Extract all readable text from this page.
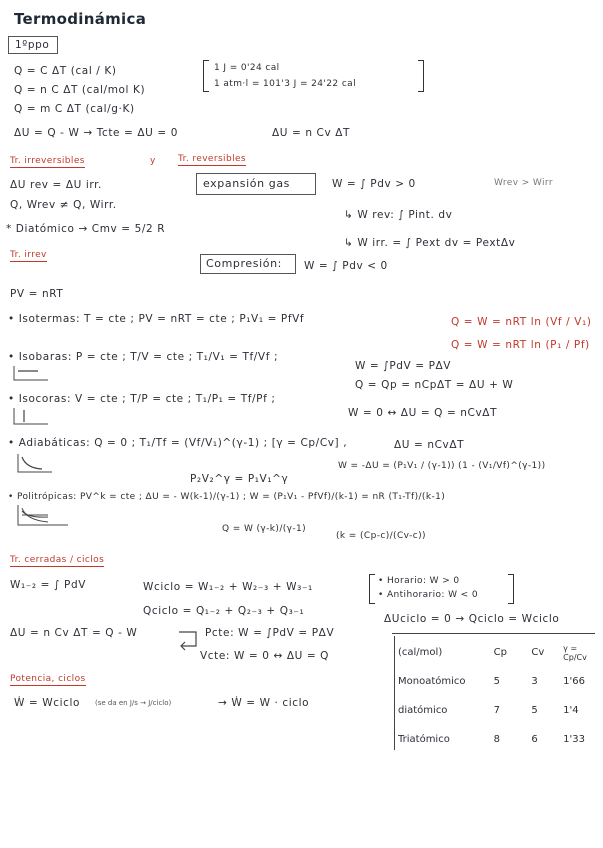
Termodinámica
1ºppo
Q = C ΔT (cal / K)
Q = n C ΔT (cal/mol K)
Q = m C ΔT (cal/g·K)
1 J = 0'24 cal
1 atm·l = 101'3 J = 24'22 cal
ΔU = Q - W → Tcte = ΔU = 0	ΔU = n Cv ΔT
Tr. irreversibles	y Tr. reversibles
ΔU rev = ΔU irr.
Q, Wrev ≠ Q, Wirr.
* Diatómico → Cmv = 5/2 R
expansión gas	W = ∫ Pdv > 0	Wrev > Wirr
↳ W rev: ∫ Pint. dv
↳ W irr. = ∫ Pext dv = PextΔv
Tr. irrev
Compresión:	W = ∫ Pdv < 0
PV = nRT
• Isotermas: T = cte ; PV = nRT = cte ; P₁V₁ = PfVf	Q = W = nRT ln (Vf / V₁)
Q = W = nRT ln (P₁ / Pf)
• Isobaras: P = cte ; T/V = cte ; T₁/V₁ = Tf/Vf ;
W = ∫PdV = PΔV
Q = Qp = nCpΔT = ΔU + W
• Isocoras: V = cte ; T/P = cte ; T₁/P₁ = Tf/Pf ;
W = 0 ↔ ΔU = Q = nCvΔT
• Adiabáticas: Q = 0 ; T₁/Tf = (Vf/V₁)^(γ-1) ; [γ = Cp/Cv] ,	ΔU = nCvΔT
W = -ΔU = (P₁V₁ / (γ-1)) (1 - (V₁/Vf)^(γ-1))
P₂V₂^γ = P₁V₁^γ
• Politrópicas: PV^k = cte ; ΔU = - W(k-1)/(γ-1) ; W = (P₁V₁ - PfVf)/(k-1) = nR (T₁-Tf)/(k-1)
Q = W (γ-k)/(γ-1)
(k = (Cp-c)/(Cv-c))
Tr. cerradas / ciclos
W₁₋₂ = ∫ PdV	Wciclo = W₁₋₂ + W₂₋₃ + W₃₋₁
Qciclo = Q₁₋₂ + Q₂₋₃ + Q₃₋₁
• Horario: W > 0
• Antihorario: W < 0
ΔUciclo = 0 → Qciclo = Wciclo
ΔU = n Cv ΔT = Q - W	Pcte: W = ∫PdV = PΔV
Vcte: W = 0 ↔ ΔU = Q
Potencia, ciclos
Ẇ = Wciclo (se da en J/s → J/ciclo)	→ Ẇ = W · ciclo
(cal/mol)	Cp	Cv	γ = Cp/Cv
Monoatómico	5	3	1'66
diatómico	7	5	1'4
Triatómico	8	6	1'33
